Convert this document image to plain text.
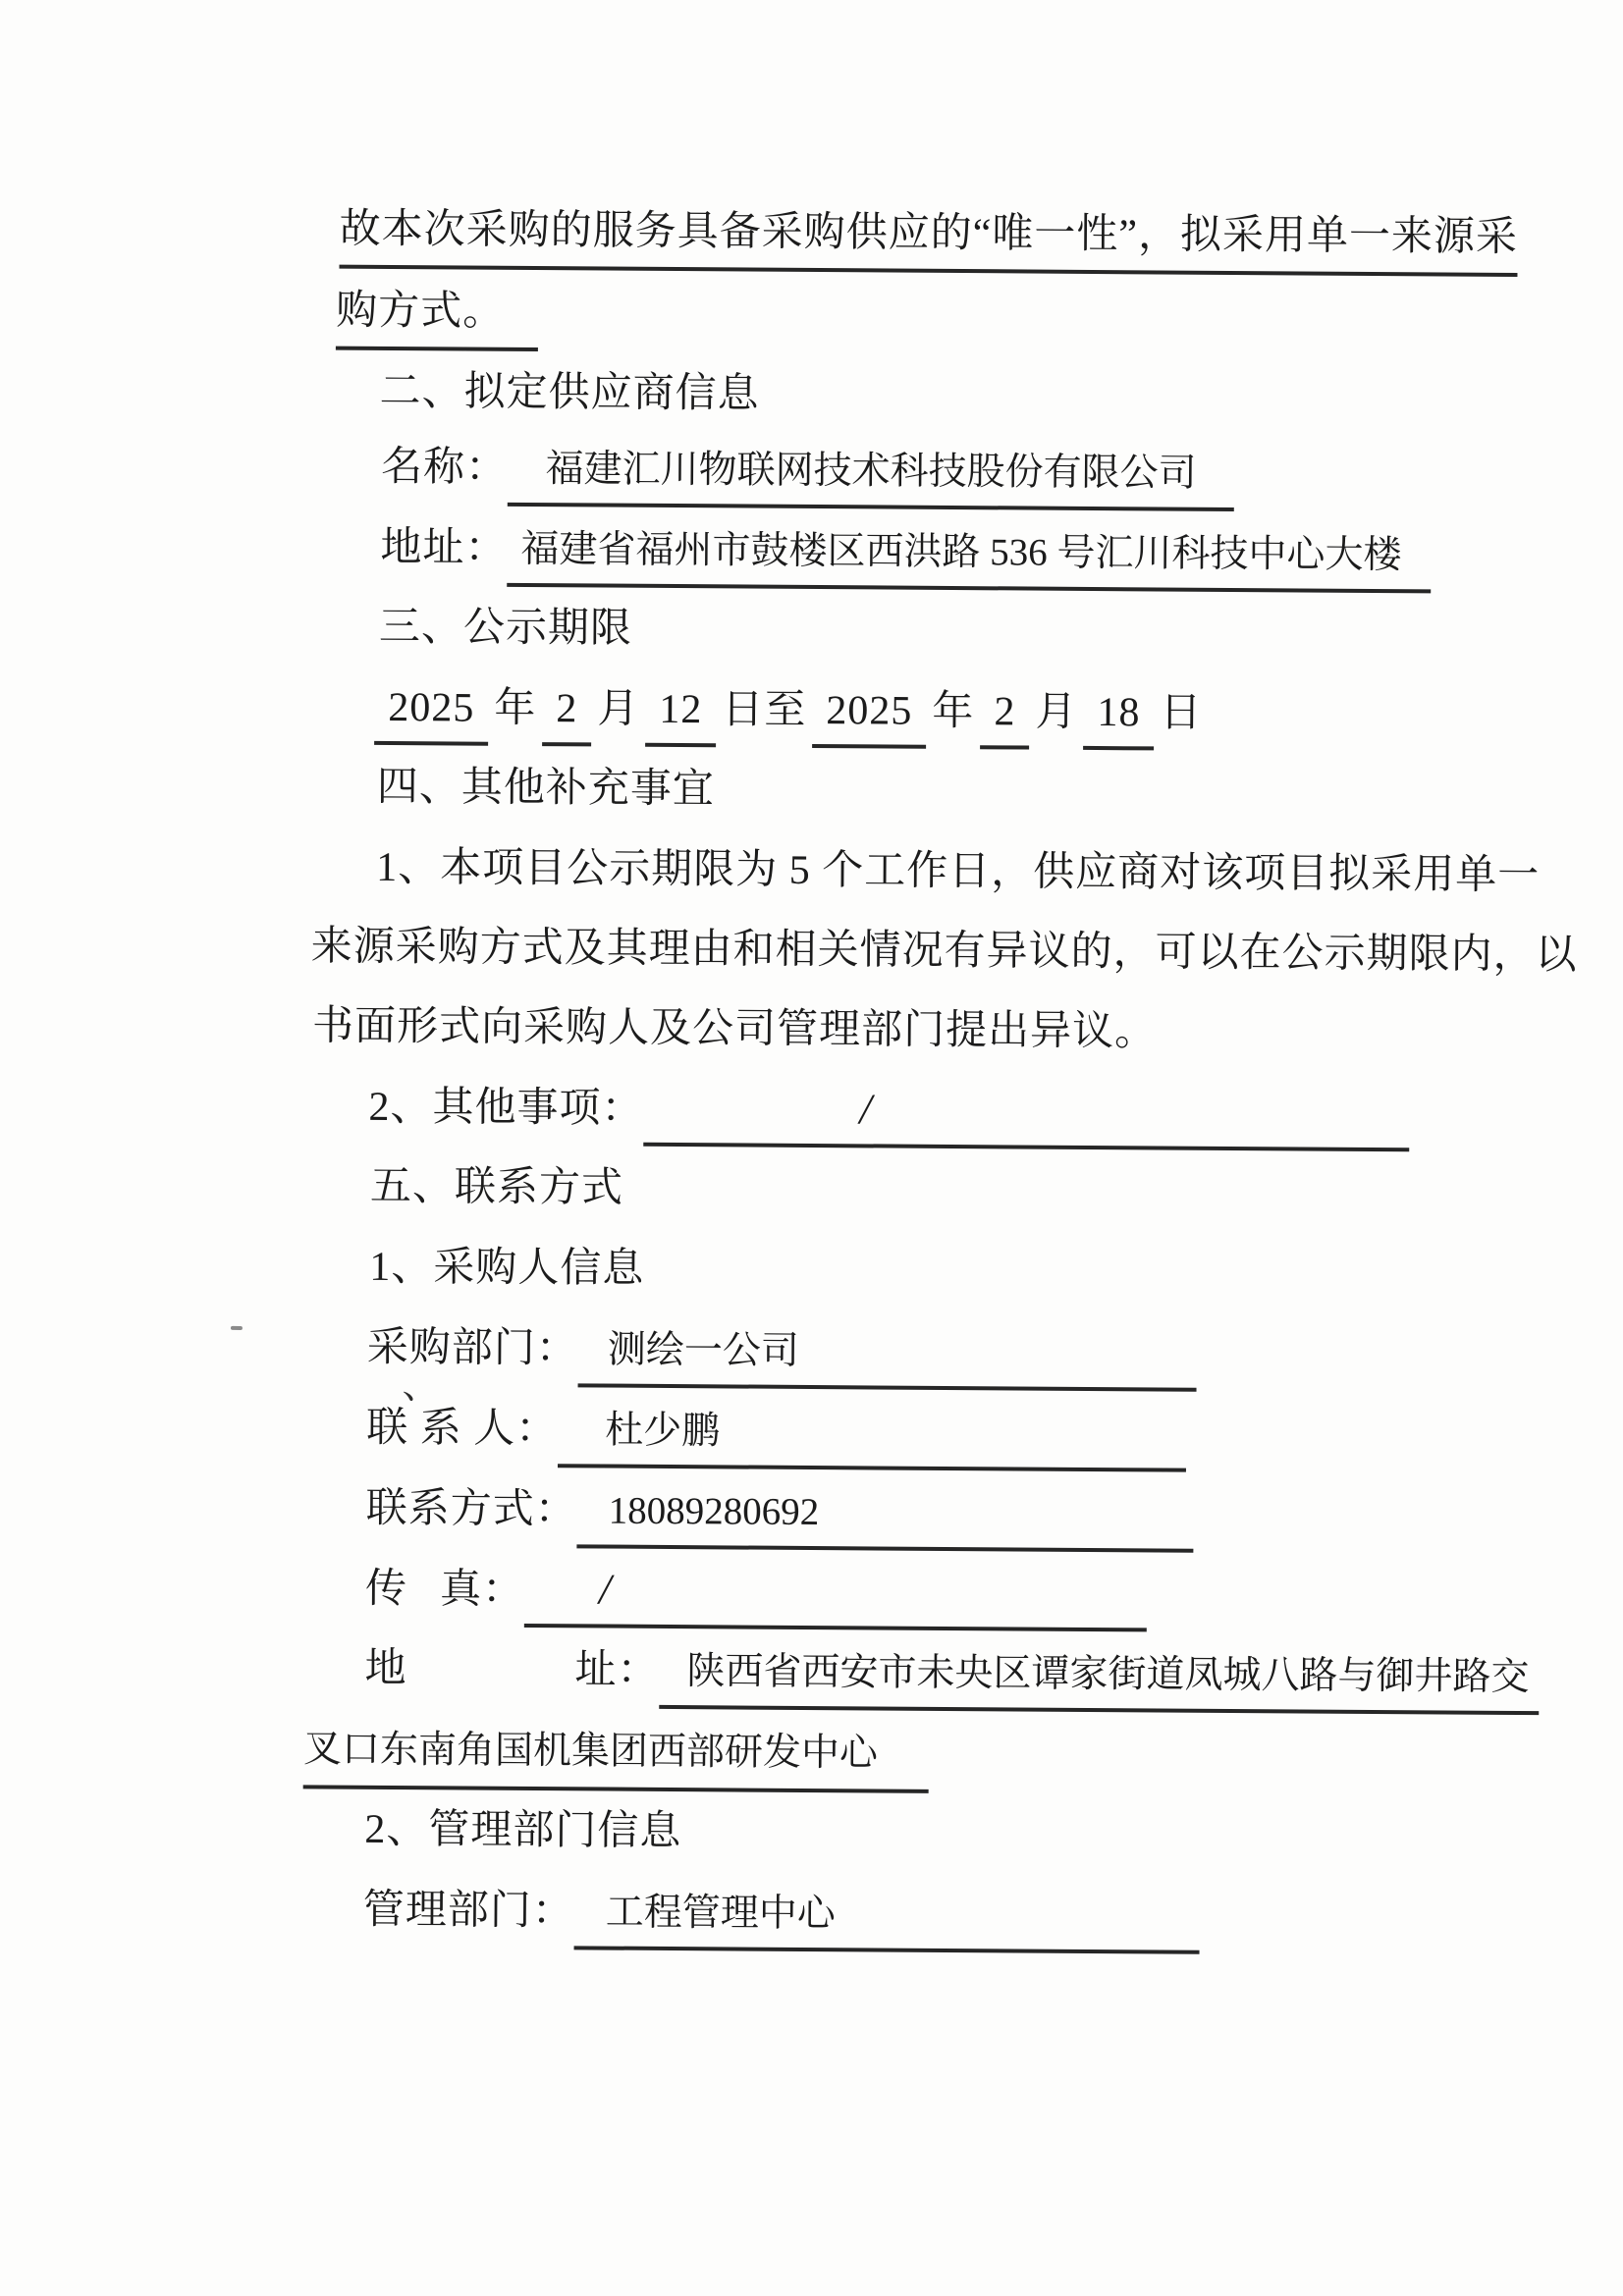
故本次采购的服务具备采购供应的“唯一性”，拟采用单一来源采
购方式。
二、拟定供应商信息
名称： 福建汇川物联网技术科技股份有限公司
地址： 福建省福州市鼓楼区西洪路 536 号汇川科技中心大楼
三、公示期限
2025 年 2 月 12 日至 2025 年 2 月 18 日
四、其他补充事宜
1、本项目公示期限为 5 个工作日，供应商对该项目拟采用单一
来源采购方式及其理由和相关情况有异议的，可以在公示期限内，以
书面形式向采购人及公司管理部门提出异议。
2、其他事项：	/
五、联系方式
1、采购人信息
采购部门： 测绘一公司
联 系 人： 杜少鹏
联系方式： 18089280692
传 真： /
地	址： 陕西省西安市未央区谭家街道凤城八路与御井路交
叉口东南角国机集团西部研发中心
2、管理部门信息
管理部门： 工程管理中心
、
